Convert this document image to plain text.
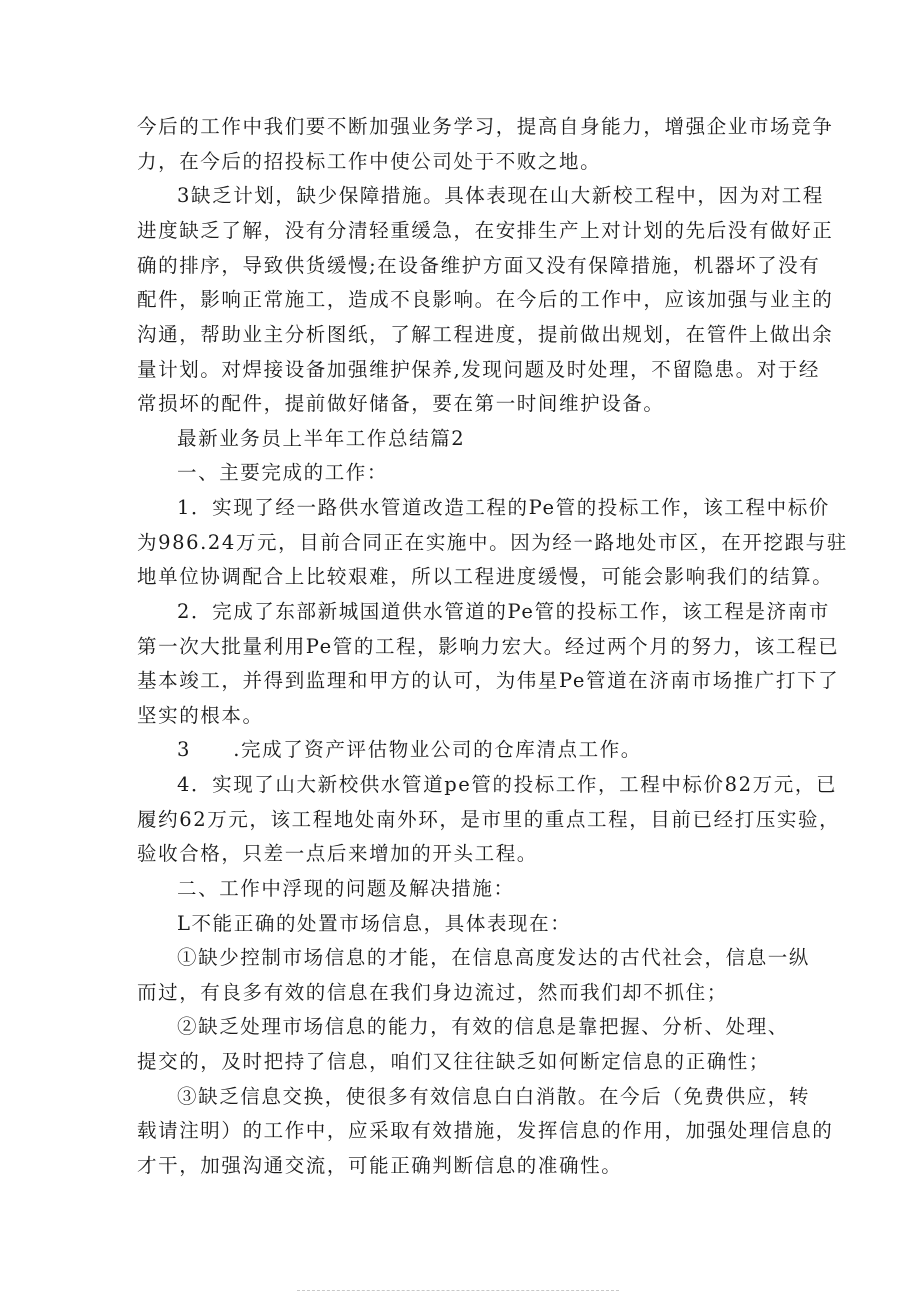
今后的工作中我们要不断加强业务学习，提高自身能力，增强企业市场竞争
力，在今后的招投标工作中使公司处于不败之地。
3缺乏计划，缺少保障措施。具体表现在山大新校工程中，因为对工程
进度缺乏了解，没有分清轻重缓急，在安排生产上对计划的先后没有做好正
确的排序，导致供货缓慢;在设备维护方面又没有保障措施，机器坏了没有
配件，影响正常施工，造成不良影响。在今后的工作中，应该加强与业主的
沟通，帮助业主分析图纸，了解工程进度，提前做出规划，在管件上做出余
量计划。对焊接设备加强维护保养,发现问题及时处理，不留隐患。对于经
常损坏的配件，提前做好储备，要在第一时间维护设备。
最新业务员上半年工作总结篇2
一、主要完成的工作：
1．实现了经一路供水管道改造工程的Pe管的投标工作，该工程中标价
为986.24万元，目前合同正在实施中。因为经一路地处市区，在开挖跟与驻
地单位协调配合上比较艰难，所以工程进度缓慢，可能会影响我们的结算。
2．完成了东部新城国道供水管道的Pe管的投标工作，该工程是济南市
第一次大批量利用Pe管的工程，影响力宏大。经过两个月的努力，该工程已
基本竣工，并得到监理和甲方的认可，为伟星Pe管道在济南市场推广打下了
坚实的根本。
3　　.完成了资产评估物业公司的仓库清点工作。
4．实现了山大新校供水管道pe管的投标工作，工程中标价82万元，已
履约62万元，该工程地处南外环，是市里的重点工程，目前已经打压实验，
验收合格，只差一点后来增加的开头工程。
二、工作中浮现的问题及解决措施：
L不能正确的处置市场信息，具体表现在：
①缺少控制市场信息的才能，在信息高度发达的古代社会，信息一纵
而过，有良多有效的信息在我们身边流过，然而我们却不抓住；
②缺乏处理市场信息的能力，有效的信息是靠把握、分析、处理、
提交的，及时把持了信息，咱们又往往缺乏如何断定信息的正确性；
③缺乏信息交换，使很多有效信息白白消散。在今后（免费供应，转
载请注明）的工作中，应采取有效措施，发挥信息的作用，加强处理信息的
才干，加强沟通交流，可能正确判断信息的准确性。
